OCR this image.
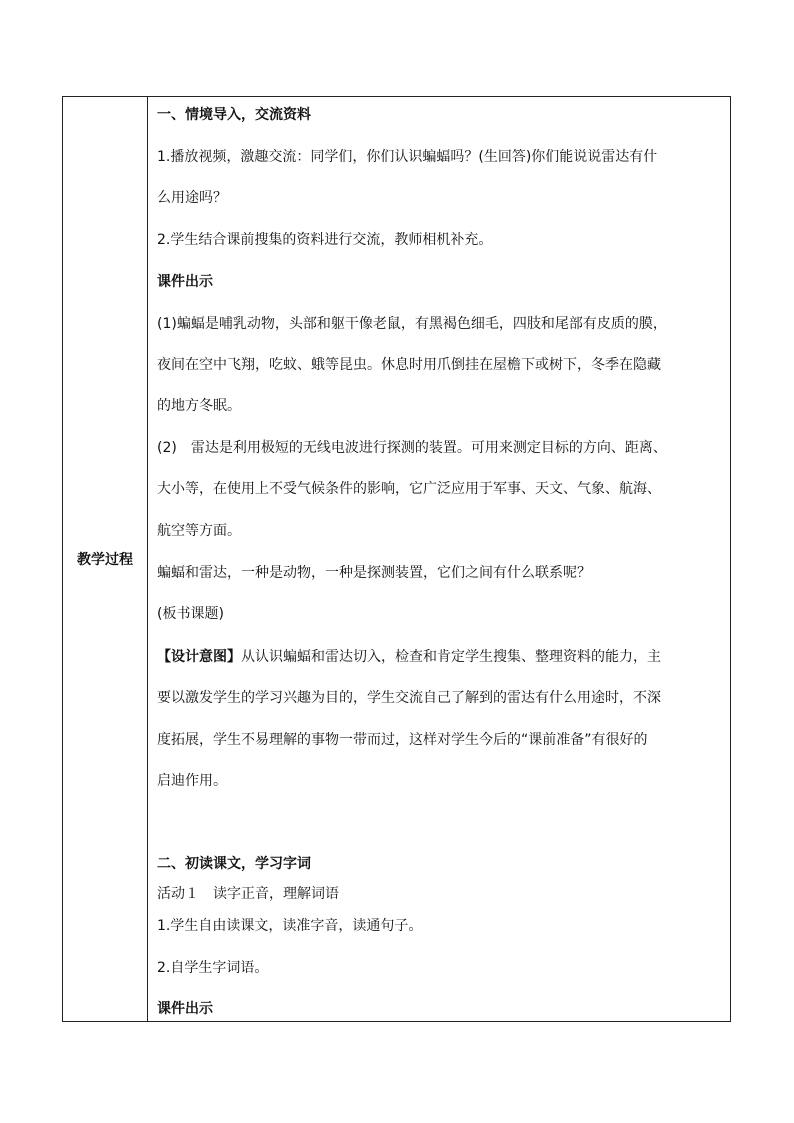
教学过程
一、情境导入，交流资料
1.播放视频，激趣交流：同学们，你们认识蝙蝠吗？(生回答)你们能说说雷达有什
么用途吗？
2.学生结合课前搜集的资料进行交流，教师相机补充。
课件出示
(1)蝙蝠是哺乳动物，头部和躯干像老鼠，有黑褐色细毛，四肢和尾部有皮质的膜，
夜间在空中飞翔，吃蚊、蛾等昆虫。休息时用爪倒挂在屋檐下或树下，冬季在隐藏
的地方冬眠。
(2)　雷达是利用极短的无线电波进行探测的装置。可用来测定目标的方向、距离、
大小等，在使用上不受气候条件的影响，它广泛应用于军事、天文、气象、航海、
航空等方面。
蝙蝠和雷达，一种是动物，一种是探测装置，它们之间有什么联系呢？
(板书课题)
【设计意图】从认识蝙蝠和雷达切入，检查和肯定学生搜集、整理资料的能力，主
要以激发学生的学习兴趣为目的，学生交流自己了解到的雷达有什么用途时，不深
度拓展，学生不易理解的事物一带而过，这样对学生今后的“课前准备”有很好的
启迪作用。
二、初读课文，学习字词
活动１　读字正音，理解词语
1.学生自由读课文，读准字音，读通句子。
2.自学生字词语。
课件出示
